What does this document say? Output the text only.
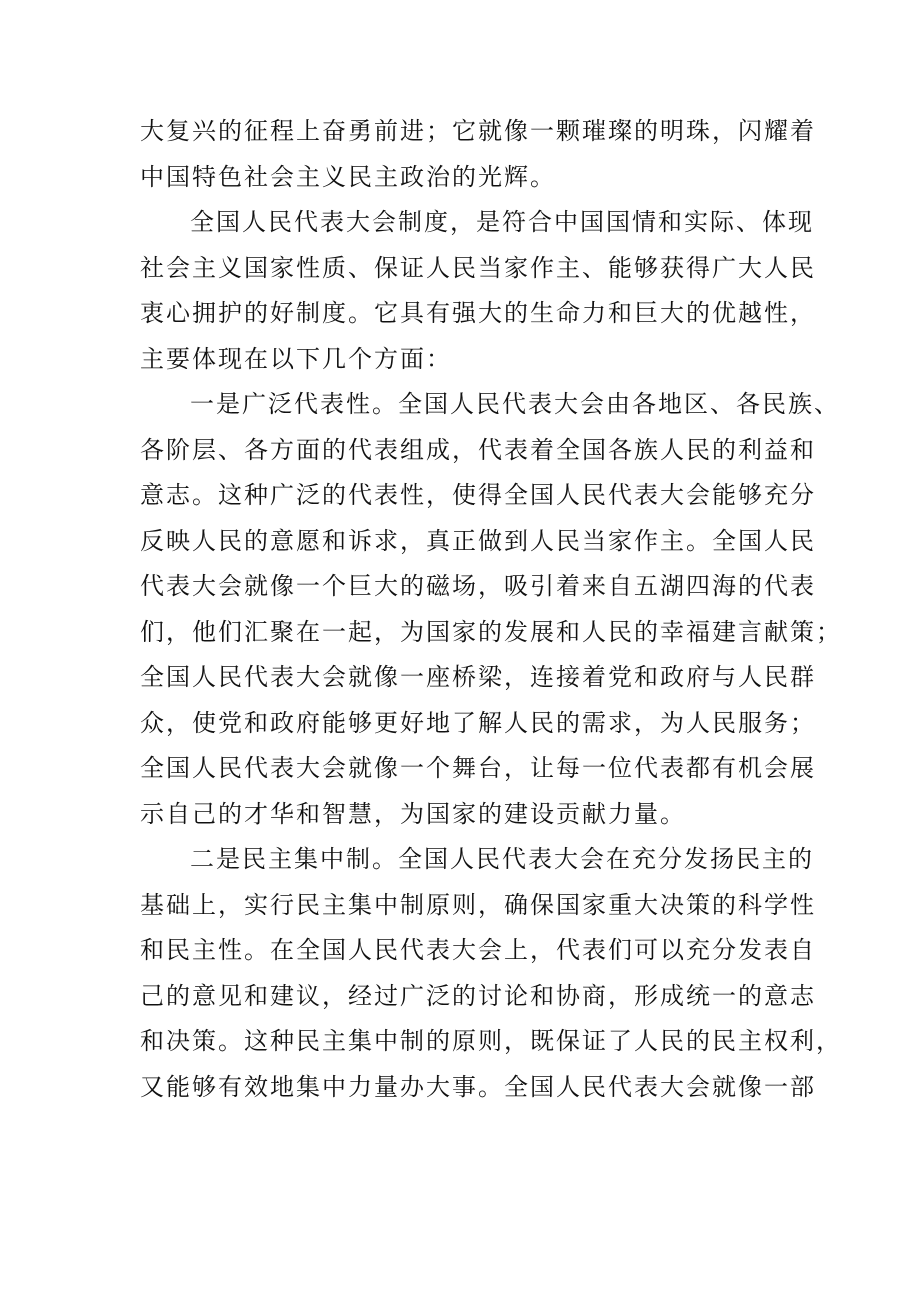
大复兴的征程上奋勇前进；它就像一颗璀璨的明珠，闪耀着
中国特色社会主义民主政治的光辉。

全国人民代表大会制度，是符合中国国情和实际、体现
社会主义国家性质、保证人民当家作主、能够获得广大人民
衷心拥护的好制度。它具有强大的生命力和巨大的优越性，
主要体现在以下几个方面：

一是广泛代表性。全国人民代表大会由各地区、各民族、
各阶层、各方面的代表组成，代表着全国各族人民的利益和
意志。这种广泛的代表性，使得全国人民代表大会能够充分
反映人民的意愿和诉求，真正做到人民当家作主。全国人民
代表大会就像一个巨大的磁场，吸引着来自五湖四海的代表
们，他们汇聚在一起，为国家的发展和人民的幸福建言献策；
全国人民代表大会就像一座桥梁，连接着党和政府与人民群
众，使党和政府能够更好地了解人民的需求，为人民服务；
全国人民代表大会就像一个舞台，让每一位代表都有机会展
示自己的才华和智慧，为国家的建设贡献力量。

二是民主集中制。全国人民代表大会在充分发扬民主的
基础上，实行民主集中制原则，确保国家重大决策的科学性
和民主性。在全国人民代表大会上，代表们可以充分发表自
己的意见和建议，经过广泛的讨论和协商，形成统一的意志
和决策。这种民主集中制的原则，既保证了人民的民主权利，
又能够有效地集中力量办大事。全国人民代表大会就像一部
